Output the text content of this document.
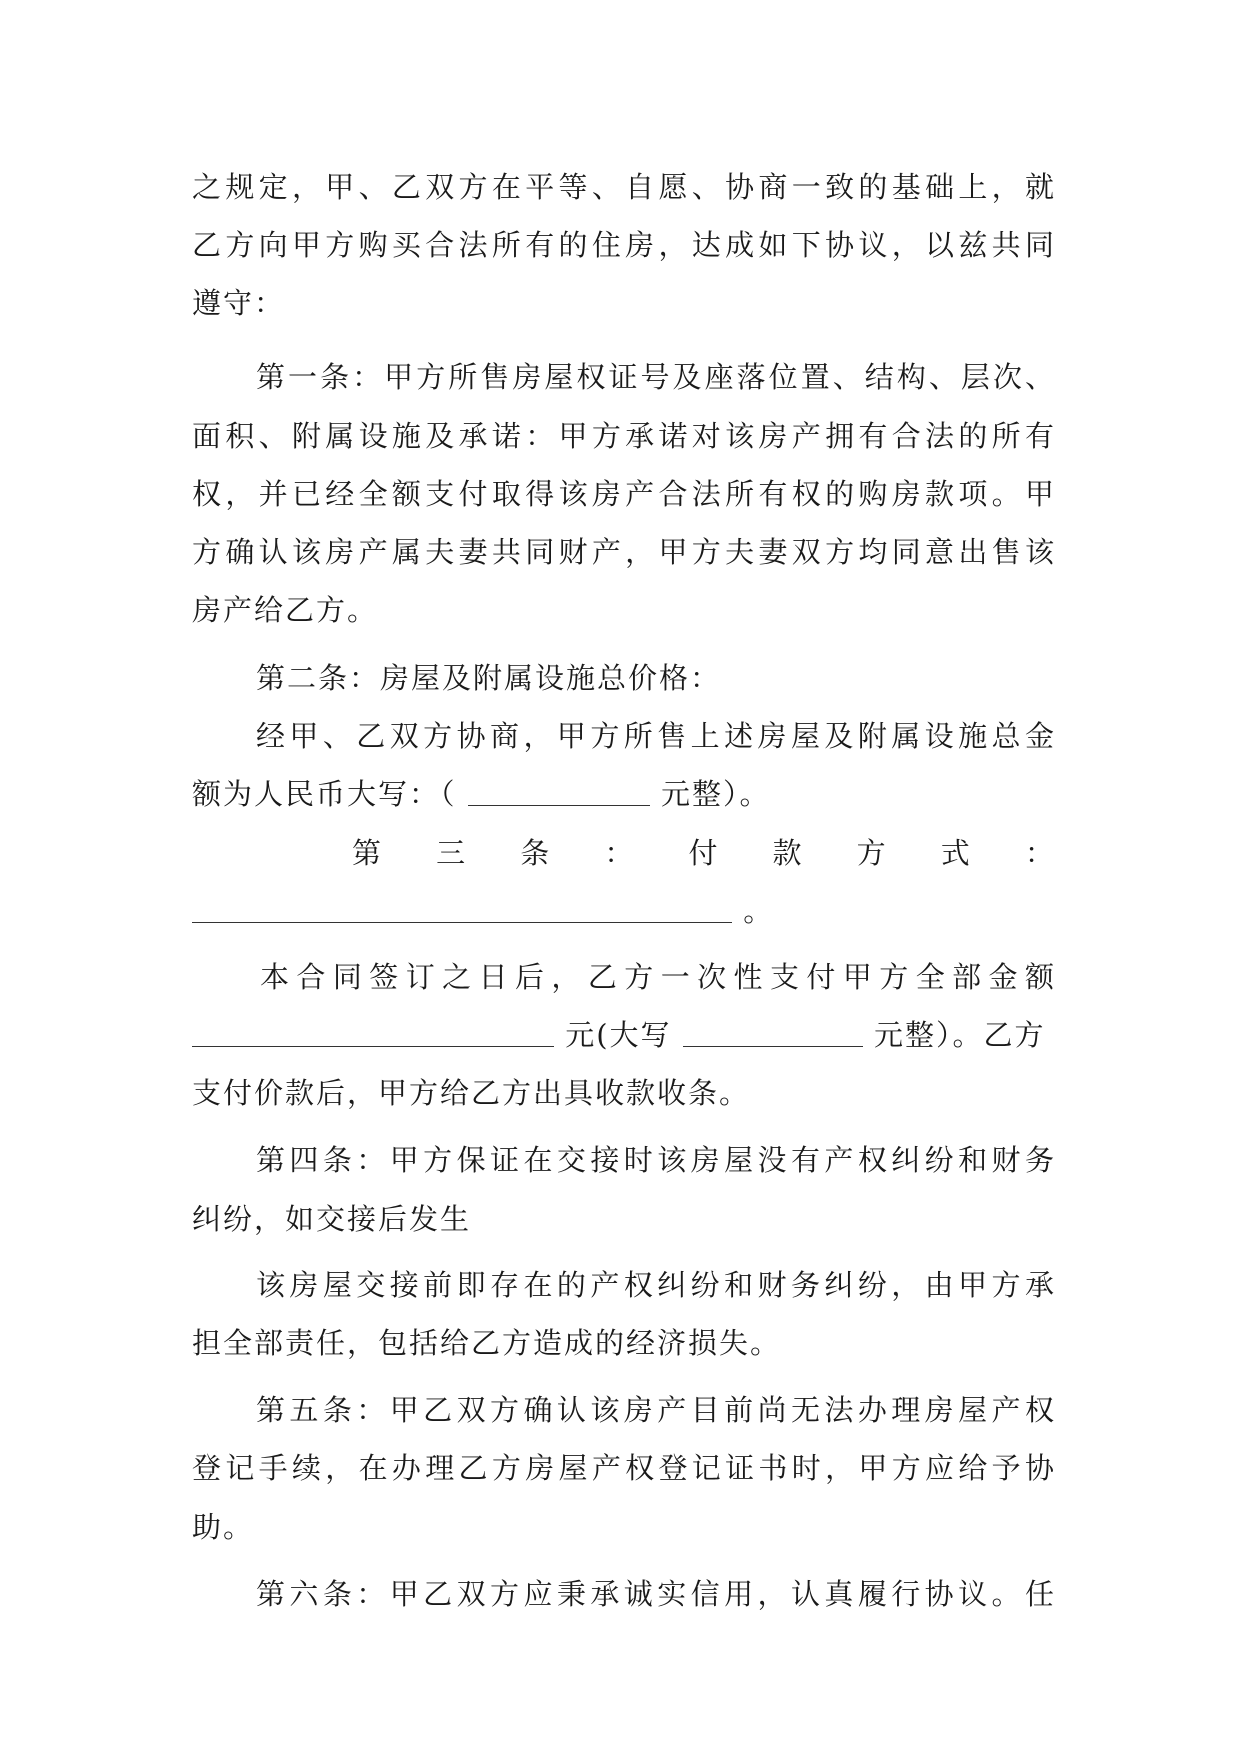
之规定，甲、乙双方在平等、自愿、协商一致的基础上，就
乙方向甲方购买合法所有的住房，达成如下协议，以兹共同
遵守：
第一条：甲方所售房屋权证号及座落位置、结构、层次、
面积、附属设施及承诺：甲方承诺对该房产拥有合法的所有
权，并已经全额支付取得该房产合法所有权的购房款项。甲
方确认该房产属夫妻共同财产，甲方夫妻双方均同意出售该
房产给乙方。
第二条：房屋及附属设施总价格：
经甲、乙双方协商，甲方所售上述房屋及附属设施总金
额为人民币大写：（	元整）。
第 三 条 ： 付 款 方 式 ：
。
本合同签订之日后，乙方一次性支付甲方全部金额
元(大写	元整）。乙方
支付价款后，甲方给乙方出具收款收条。
第四条：甲方保证在交接时该房屋没有产权纠纷和财务
纠纷，如交接后发生
该房屋交接前即存在的产权纠纷和财务纠纷，由甲方承
担全部责任，包括给乙方造成的经济损失。
第五条：甲乙双方确认该房产目前尚无法办理房屋产权
登记手续，在办理乙方房屋产权登记证书时，甲方应给予协
助。
第六条：甲乙双方应秉承诚实信用，认真履行协议。任
